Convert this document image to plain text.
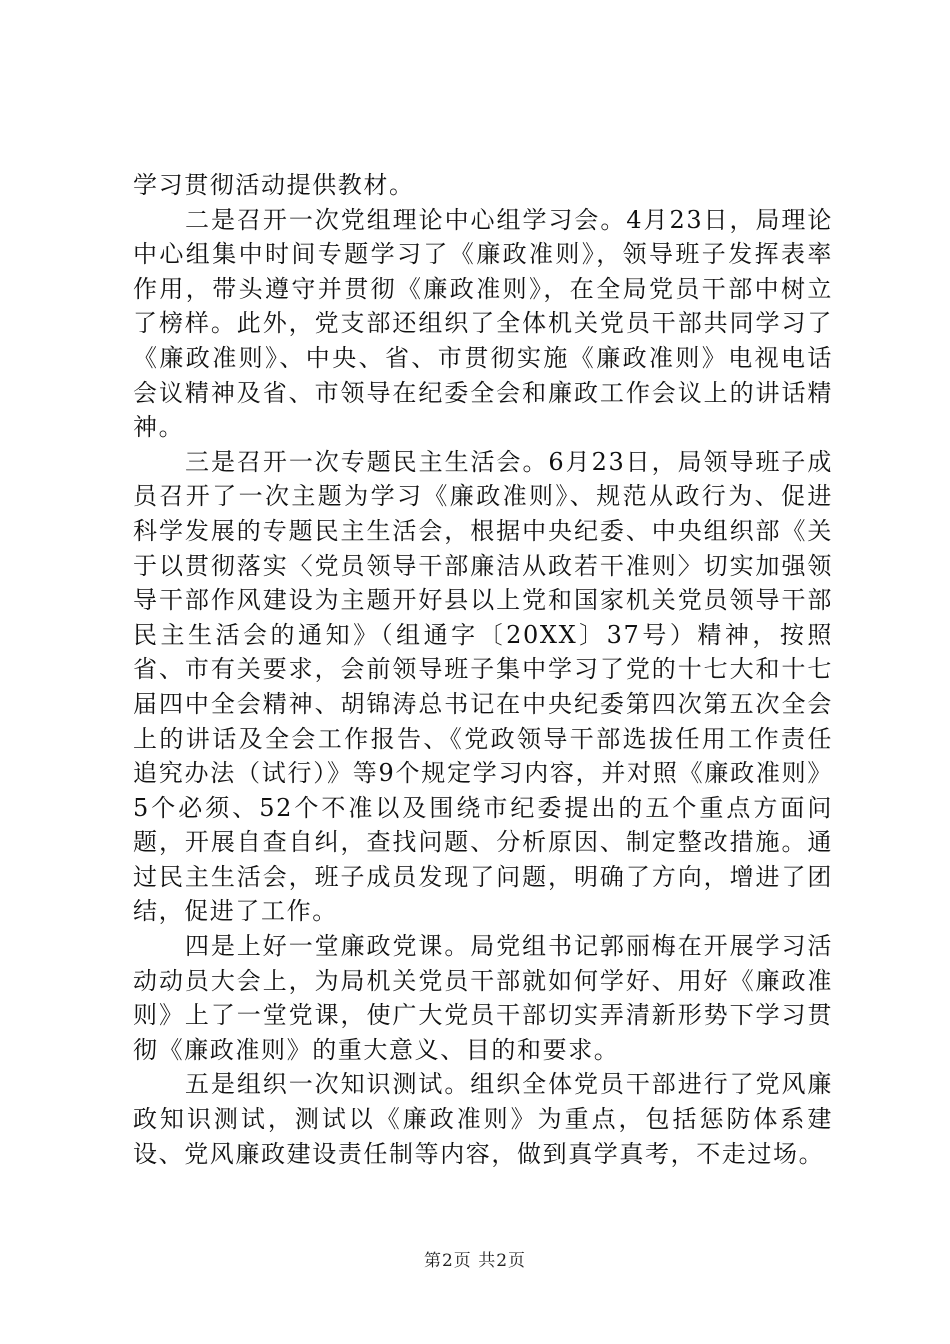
学习贯彻活动提供教材。

二是召开一次党组理论中心组学习会。4月23日，局理论中心组集中时间专题学习了《廉政准则》，领导班子发挥表率作用，带头遵守并贯彻《廉政准则》，在全局党员干部中树立了榜样。此外，党支部还组织了全体机关党员干部共同学习了《廉政准则》、中央、省、市贯彻实施《廉政准则》电视电话会议精神及省、市领导在纪委全会和廉政工作会议上的讲话精神。

三是召开一次专题民主生活会。6月23日，局领导班子成员召开了一次主题为学习《廉政准则》、规范从政行为、促进科学发展的专题民主生活会，根据中央纪委、中央组织部《关于以贯彻落实〈党员领导干部廉洁从政若干准则〉切实加强领导干部作风建设为主题开好县以上党和国家机关党员领导干部民主生活会的通知》（组通字〔20XX〕37号）精神，按照省、市有关要求，会前领导班子集中学习了党的十七大和十七届四中全会精神、胡锦涛总书记在中央纪委第四次第五次全会上的讲话及全会工作报告、《党政领导干部选拔任用工作责任追究办法（试行）》等9个规定学习内容，并对照《廉政准则》5个必须、52个不准以及围绕市纪委提出的五个重点方面问题，开展自查自纠，查找问题、分析原因、制定整改措施。通过民主生活会，班子成员发现了问题，明确了方向，增进了团结，促进了工作。

四是上好一堂廉政党课。局党组书记郭丽梅在开展学习活动动员大会上，为局机关党员干部就如何学好、用好《廉政准则》上了一堂党课，使广大党员干部切实弄清新形势下学习贯彻《廉政准则》的重大意义、目的和要求。

五是组织一次知识测试。组织全体党员干部进行了党风廉政知识测试，测试以《廉政准则》为重点，包括惩防体系建设、党风廉政建设责任制等内容，做到真学真考，不走过场。

第2页 共2页
